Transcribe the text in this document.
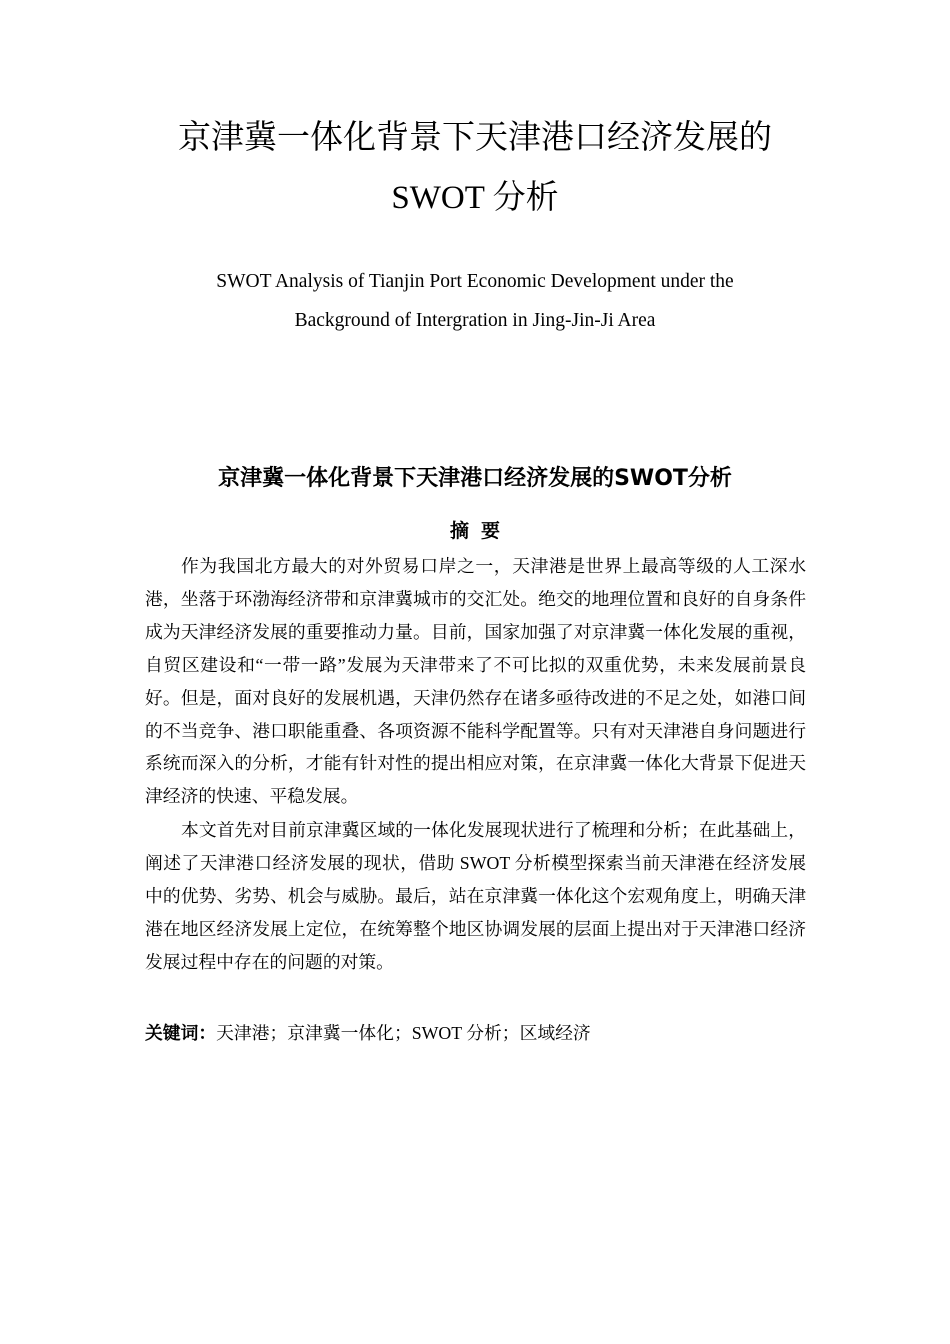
京津冀一体化背景下天津港口经济发展的
SWOT 分析

SWOT Analysis of Tianjin Port Economic Development under the

Background of Intergration in Jing-Jin-Ji Area

京津冀一体化背景下天津港口经济发展的SWOT分析
摘要

作为我国北方最大的对外贸易口岸之一，天津港是世界上最高等级的人工深水港，坐落于环渤海经济带和京津冀城市的交汇处。绝交的地理位置和良好的自身条件成为天津经济发展的重要推动力量。目前，国家加强了对京津冀一体化发展的重视，自贸区建设和“一带一路”发展为天津带来了不可比拟的双重优势，未来发展前景良好。但是，面对良好的发展机遇，天津仍然存在诸多亟待改进的不足之处，如港口间的不当竞争、港口职能重叠、各项资源不能科学配置等。只有对天津港自身问题进行系统而深入的分析，才能有针对性的提出相应对策，在京津冀一体化大背景下促进天津经济的快速、平稳发展。

本文首先对目前京津冀区域的一体化发展现状进行了梳理和分析；在此基础上，阐述了天津港口经济发展的现状，借助 SWOT 分析模型探索当前天津港在经济发展中的优势、劣势、机会与威胁。最后，站在京津冀一体化这个宏观角度上，明确天津港在地区经济发展上定位，在统筹整个地区协调发展的层面上提出对于天津港口经济发展过程中存在的问题的对策。

关键词：天津港；京津冀一体化；SWOT 分析；区域经济
